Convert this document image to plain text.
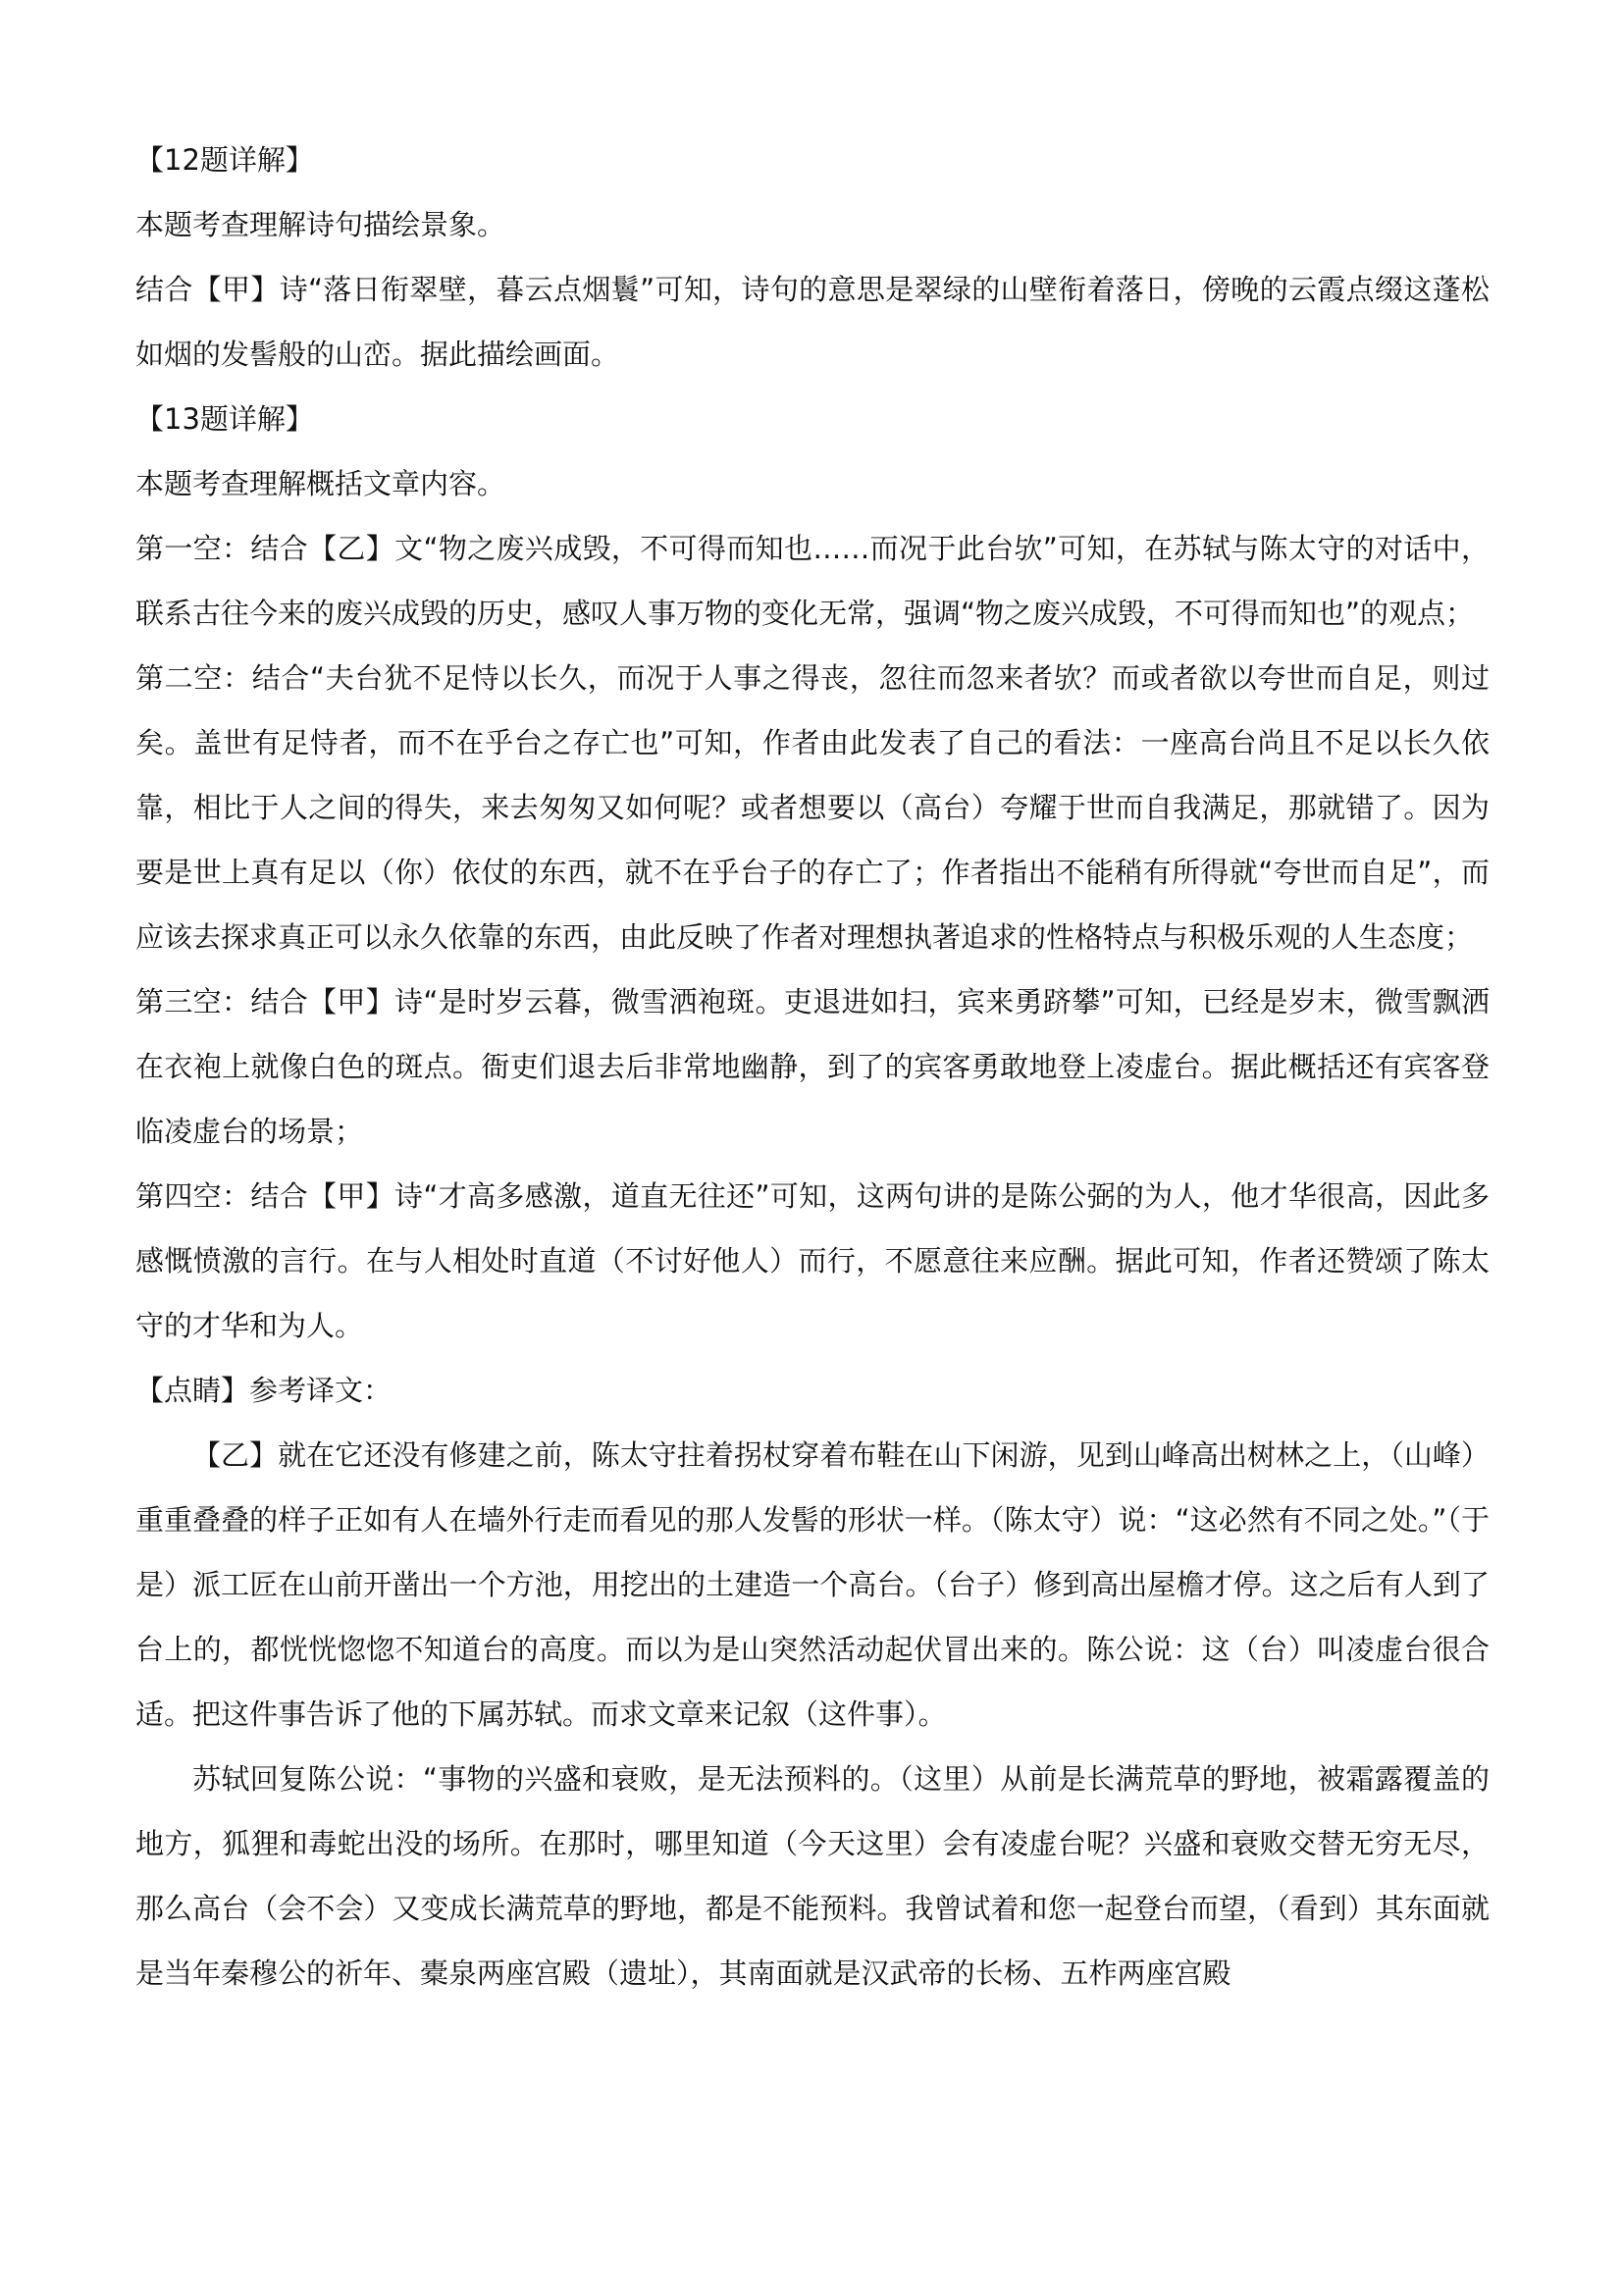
【12题详解】

本题考查理解诗句描绘景象。

结合【甲】诗“落日衔翠壁，暮云点烟鬟”可知，诗句的意思是翠绿的山壁衔着落日，傍晚的云霞点缀这蓬松如烟的发髻般的山峦。据此描绘画面。

【13题详解】

本题考查理解概括文章内容。

第一空：结合【乙】文“物之废兴成毁，不可得而知也……而况于此台欤”可知，在苏轼与陈太守的对话中，联系古往今来的废兴成毁的历史，感叹人事万物的变化无常，强调“物之废兴成毁，不可得而知也”的观点；

第二空：结合“夫台犹不足恃以长久，而况于人事之得丧，忽往而忽来者欤？而或者欲以夸世而自足，则过矣。盖世有足恃者，而不在乎台之存亡也”可知，作者由此发表了自己的看法：一座高台尚且不足以长久依靠，相比于人之间的得失，来去匆匆又如何呢？或者想要以（高台）夸耀于世而自我满足，那就错了。因为要是世上真有足以（你）依仗的东西，就不在乎台子的存亡了；作者指出不能稍有所得就“夸世而自足”，而应该去探求真正可以永久依靠的东西，由此反映了作者对理想执著追求的性格特点与积极乐观的人生态度；

第三空：结合【甲】诗“是时岁云暮，微雪洒袍斑。吏退进如扫，宾来勇跻攀”可知，已经是岁末，微雪飘洒在衣袍上就像白色的斑点。衙吏们退去后非常地幽静，到了的宾客勇敢地登上凌虚台。据此概括还有宾客登临凌虚台的场景；

第四空：结合【甲】诗“才高多感激，道直无往还”可知，这两句讲的是陈公弼的为人，他才华很高，因此多感慨愤激的言行。在与人相处时直道（不讨好他人）而行，不愿意往来应酬。据此可知，作者还赞颂了陈太守的才华和为人。

【点睛】参考译文：

【乙】就在它还没有修建之前，陈太守拄着拐杖穿着布鞋在山下闲游，见到山峰高出树林之上，（山峰）重重叠叠的样子正如有人在墙外行走而看见的那人发髻的形状一样。（陈太守）说：“这必然有不同之处。”（于是）派工匠在山前开凿出一个方池，用挖出的土建造一个高台。（台子）修到高出屋檐才停。这之后有人到了台上的，都恍恍惚惚不知道台的高度。而以为是山突然活动起伏冒出来的。陈公说：这（台）叫凌虚台很合适。把这件事告诉了他的下属苏轼。而求文章来记叙（这件事）。

苏轼回复陈公说：“事物的兴盛和衰败，是无法预料的。（这里）从前是长满荒草的野地，被霜露覆盖的地方，狐狸和毒蛇出没的场所。在那时，哪里知道（今天这里）会有凌虚台呢？兴盛和衰败交替无穷无尽，那么高台（会不会）又变成长满荒草的野地，都是不能预料。我曾试着和您一起登台而望，（看到）其东面就是当年秦穆公的祈年、橐泉两座宫殿（遗址），其南面就是汉武帝的长杨、五柞两座宫殿
